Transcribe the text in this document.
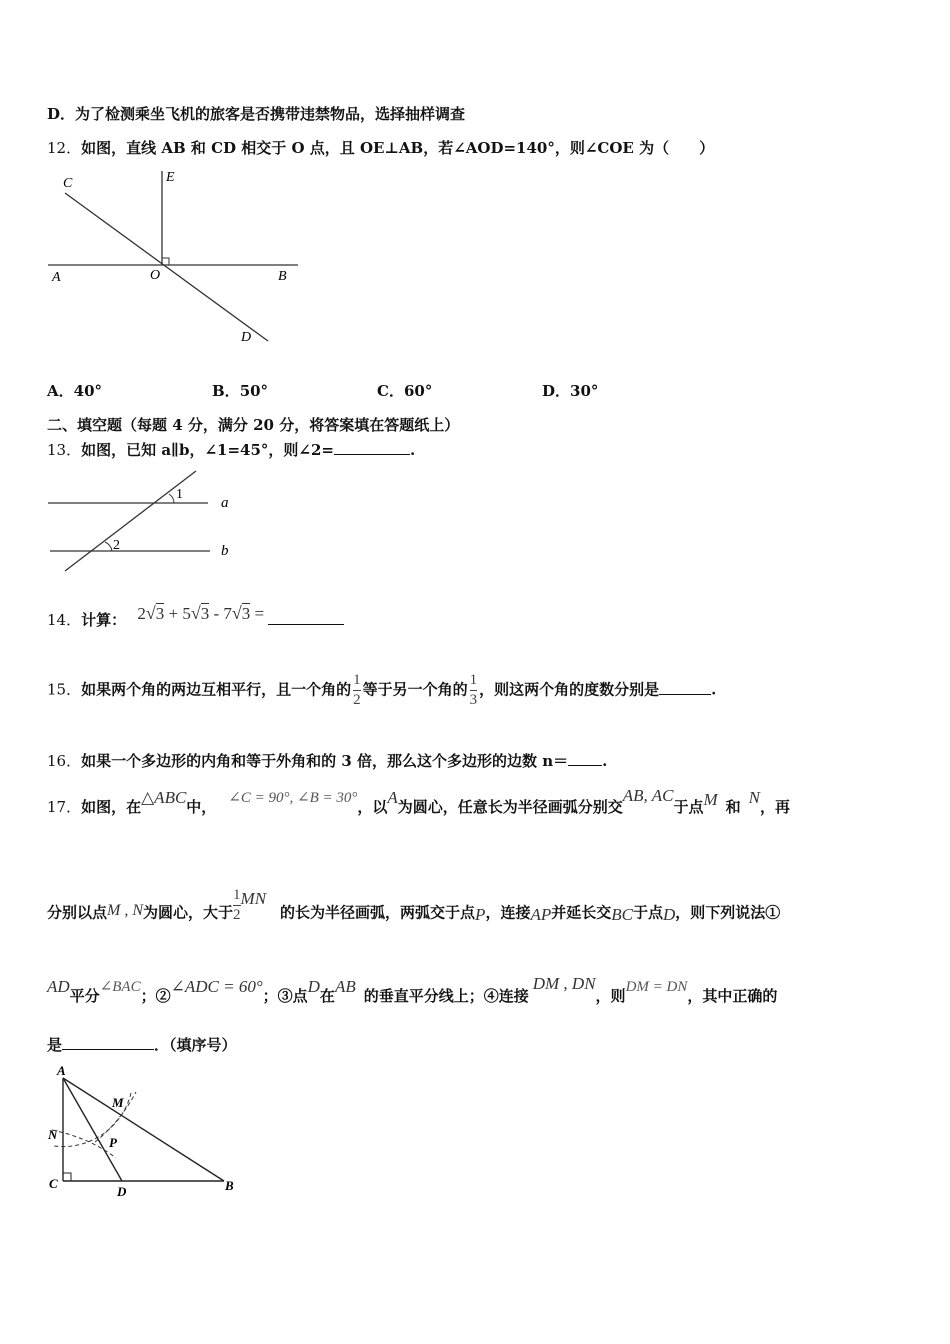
D．为了检测乘坐飞机的旅客是否携带违禁物品，选择抽样调查
12．如图，直线 AB 和 CD 相交于 O 点，且 OE⊥AB，若∠AOD=140°，则∠COE 为（　　）
C	E
A	O	B
D
A．40°	B．50°	C．60°	D．30°
二、填空题（每题 4 分，满分 20 分，将答案填在答题纸上）
13．如图，已知 a∥b，∠1=45°，则∠2=	.
1
2
a
b
14．计算： 2√3 + 5√3 - 7√3 =
15．如果两个角的两边互相平行，且一个角的 $\frac{1}{2}$ 等于另一个角的 $\frac{1}{3}$ ，则这两个角的度数分别是	.
16．如果一个多边形的内角和等于外角和的 3 倍，那么这个多边形的边数 n＝ .
17．如图，在△ABC中， ∠C = 90°, ∠B = 30°，以A为圆心，任意长为半径画弧分别交AB, AC于点M 和 N，再
分别以点M , N为圆心，大于$\frac{1}{2}MN$的长为半径画弧，两弧交于点P，连接AP并延长交BC于点D，则下列说法①
AD平分∠BAC；②∠ADC = 60°；③点D在AB 的垂直平分线上；④连接DM , DN，则DM = DN，其中正确的
是	．（填序号）
A
M
N
P
C
D	B
